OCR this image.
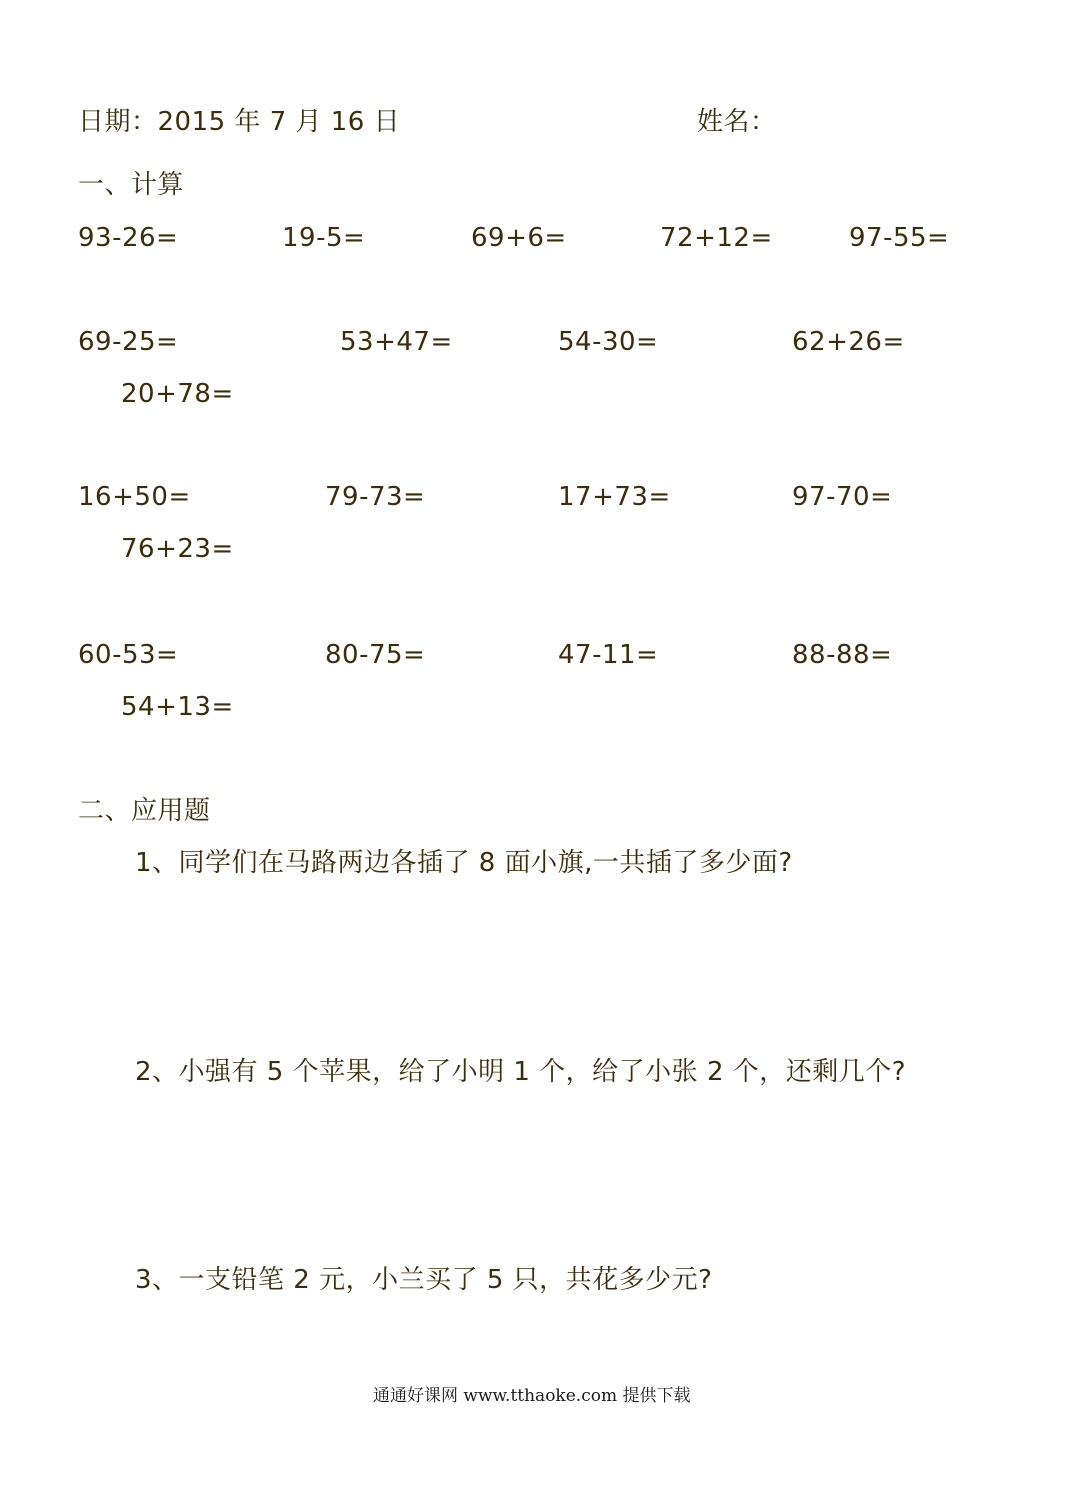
日期：2015 年 7 月 16 日	姓名：
一、计算
93-26=	19-5=	69+6=	72+12=	97-55=
69-25=	53+47=	54-30=	62+26=
20+78=
16+50=	79-73=	17+73=	97-70=
76+23=
60-53=	80-75=	47-11=	88-88=
54+13=
二、应用题
1、同学们在马路两边各插了 8 面小旗,一共插了多少面?
2、小强有 5 个苹果，给了小明 1 个，给了小张 2 个，还剩几个?
3、一支铅笔 2 元，小兰买了 5 只，共花多少元?
通通好课网 www.tthaoke.com 提供下载
